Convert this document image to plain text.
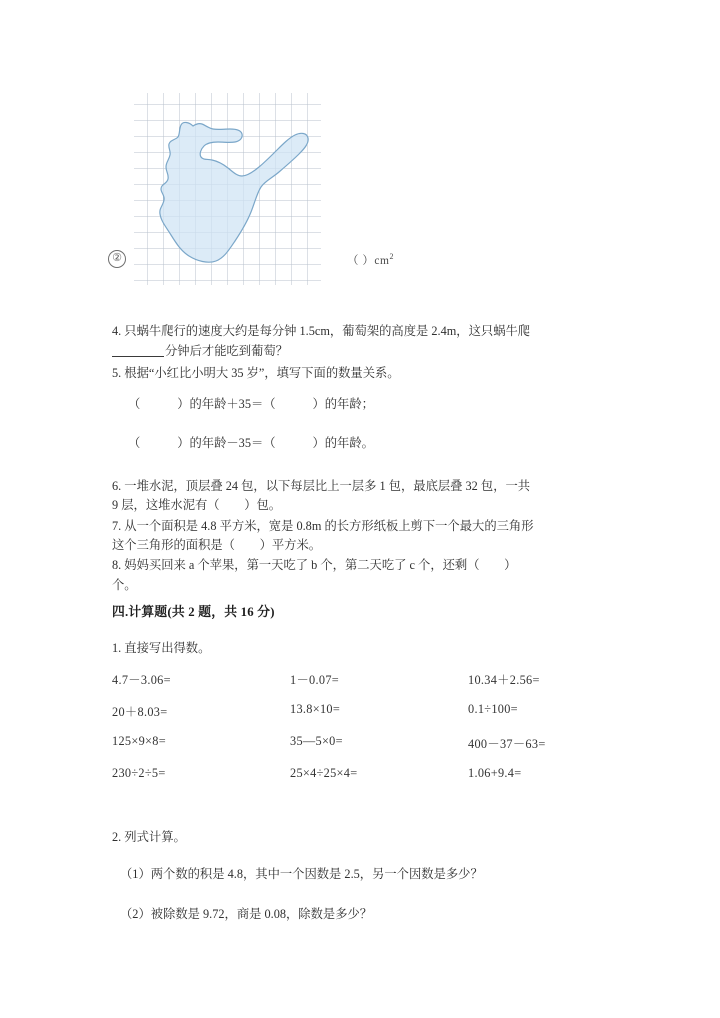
②	（ ）$cm^2$
4. 只蜗牛爬行的速度大约是每分钟 1.5cm，葡萄架的高度是 2.4m，这只蜗牛爬
分钟后才能吃到葡萄？
5. 根据“小红比小明大 35 岁”，填写下面的数量关系。
（            ）的年龄＋35＝（            ）的年龄；
（            ）的年龄－35＝（            ）的年龄。
6. 一堆水泥，顶层叠 24 包，以下每层比上一层多 1 包，最底层叠 32 包，一共
9 层，这堆水泥有（        ）包。
7. 从一个面积是 4.8 平方米，宽是 0.8m 的长方形纸板上剪下一个最大的三角形
这个三角形的面积是（        ）平方米。
8. 妈妈买回来 a 个苹果，第一天吃了 b 个，第二天吃了 c 个，还剩（        ）
个。
四.计算题(共 2 题，共 16 分)
1. 直接写出得数。
4.7－3.06=	1－0.07=	10.34＋2.56=
20＋8.03=	13.8×10=	0.1÷100=
125×9×8=	35—5×0=	400－37－63=
230÷2÷5=	25×4÷25×4=	1.06+9.4=
2. 列式计算。
（1）两个数的积是 4.8，其中一个因数是 2.5，另一个因数是多少？
（2）被除数是 9.72，商是 0.08，除数是多少？
